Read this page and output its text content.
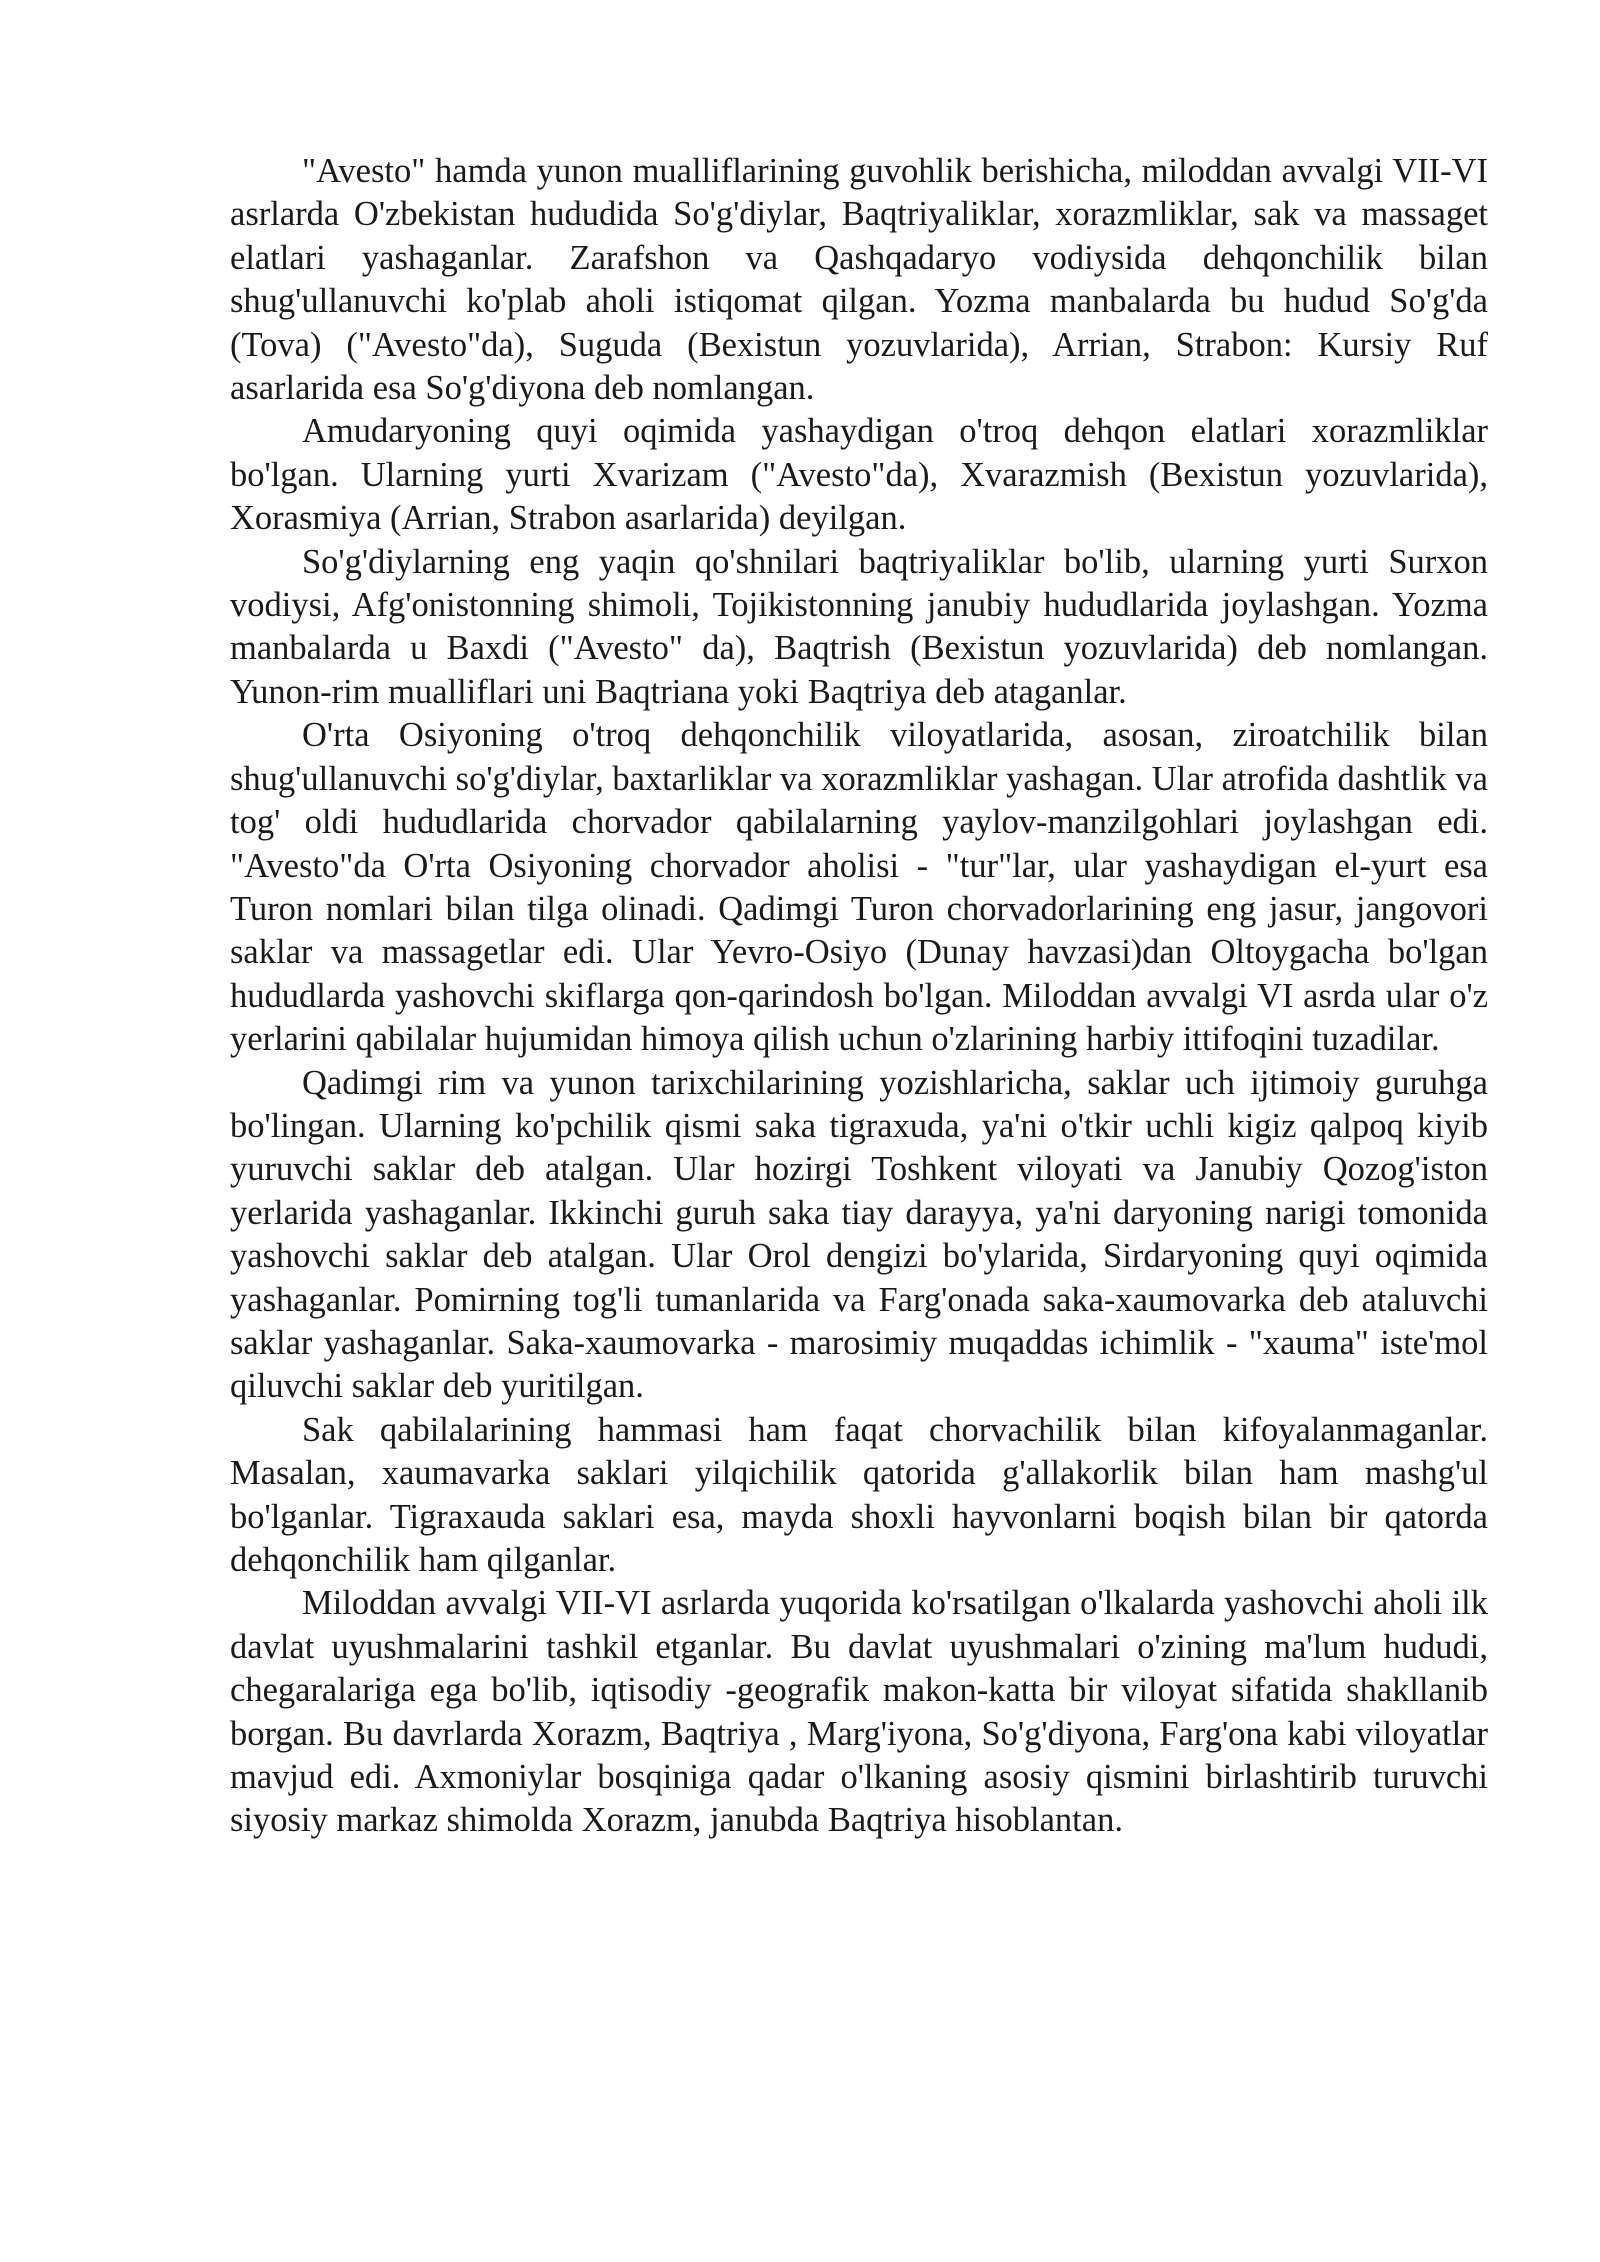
"Avesto" hamda yunon mualliflarining guvohlik berishicha, miloddan avvalgi VII-VI asrlarda O'zbekistan hududida So'g'diylar, Baqtriyaliklar, xorazmliklar, sak va massaget elatlari yashaganlar. Zarafshon va Qashqadaryo vodiysida dehqonchilik bilan shug'ullanuvchi ko'plab aholi istiqomat qilgan. Yozma manbalarda bu hudud So'g'da (Tova) ("Avesto"da), Suguda (Bexistun yozuvlarida), Arrian, Strabon: Kursiy Ruf asarlarida esa So'g'diyona deb nomlangan.

Amudaryoning quyi oqimida yashaydigan o'troq dehqon elatlari xorazmliklar bo'lgan. Ularning yurti Xvarizam ("Avesto"da), Xvarazmish (Bexistun yozuvlarida), Xorasmiya (Arrian, Strabon asarlarida) deyilgan.

So'g'diylarning eng yaqin qo'shnilari baqtriyaliklar bo'lib, ularning yurti Surxon vodiysi, Afg'onistonning shimoli, Tojikistonning janubiy hududlarida joylashgan. Yozma manbalarda u Baxdi ("Avesto" da), Baqtrish (Bexistun yozuvlarida) deb nomlangan. Yunon-rim mualliflari uni Baqtriana yoki Baqtriya deb ataganlar.

O'rta Osiyoning o'troq dehqonchilik viloyatlarida, asosan, ziroatchilik bilan shug'ullanuvchi so'g'diylar, baxtarliklar va xorazmliklar yashagan. Ular atrofida dashtlik va tog' oldi hududlarida chorvador qabilalarning yaylov-manzilgohlari joylashgan edi. "Avesto"da O'rta Osiyoning chorvador aholisi - "tur"lar, ular yashaydigan el-yurt esa Turon nomlari bilan tilga olinadi. Qadimgi Turon chorvadorlarining eng jasur, jangovori saklar va massagetlar edi. Ular Yevro-Osiyo (Dunay havzasi)dan Oltoygacha bo'lgan hududlarda yashovchi skiflarga qon-qarindosh bo'lgan. Miloddan avvalgi VI asrda ular o'z yerlarini qabilalar hujumidan himoya qilish uchun o'zlarining harbiy ittifoqini tuzadilar.

Qadimgi rim va yunon tarixchilarining yozishlaricha, saklar uch ijtimoiy guruhga bo'lingan. Ularning ko'pchilik qismi saka tigraxuda, ya'ni o'tkir uchli kigiz qalpoq kiyib yuruvchi saklar deb atalgan. Ular hozirgi Toshkent viloyati va Janubiy Qozog'iston yerlarida yashaganlar. Ikkinchi guruh saka tiay darayya, ya'ni daryoning narigi tomonida yashovchi saklar deb atalgan. Ular Orol dengizi bo'ylarida, Sirdaryoning quyi oqimida yashaganlar. Pomirning tog'li tumanlarida va Farg'onada saka-xaumovarka deb ataluvchi saklar yashaganlar. Saka-xaumovarka - marosimiy muqaddas ichimlik - "xauma" iste'mol qiluvchi saklar deb yuritilgan.

Sak qabilalarining hammasi ham faqat chorvachilik bilan kifoyalanmaganlar. Masalan, xaumavarka saklari yilqichilik qatorida g'allakorlik bilan ham mashg'ul bo'lganlar. Tigraxauda saklari esa, mayda shoxli hayvonlarni boqish bilan bir qatorda dehqonchilik ham qilganlar.

Miloddan avvalgi VII-VI asrlarda yuqorida ko'rsatilgan o'lkalarda yashovchi aholi ilk davlat uyushmalarini tashkil etganlar. Bu davlat uyushmalari o'zining ma'lum hududi, chegaralariga ega bo'lib, iqtisodiy -geografik makon-katta bir viloyat sifatida shakllanib borgan. Bu davrlarda Xorazm, Baqtriya , Marg'iyona, So'g'diyona, Farg'ona kabi viloyatlar mavjud edi. Axmoniylar bosqiniga qadar o'lkaning asosiy qismini birlashtirib turuvchi siyosiy markaz shimolda Xorazm, janubda Baqtriya hisoblantan.
